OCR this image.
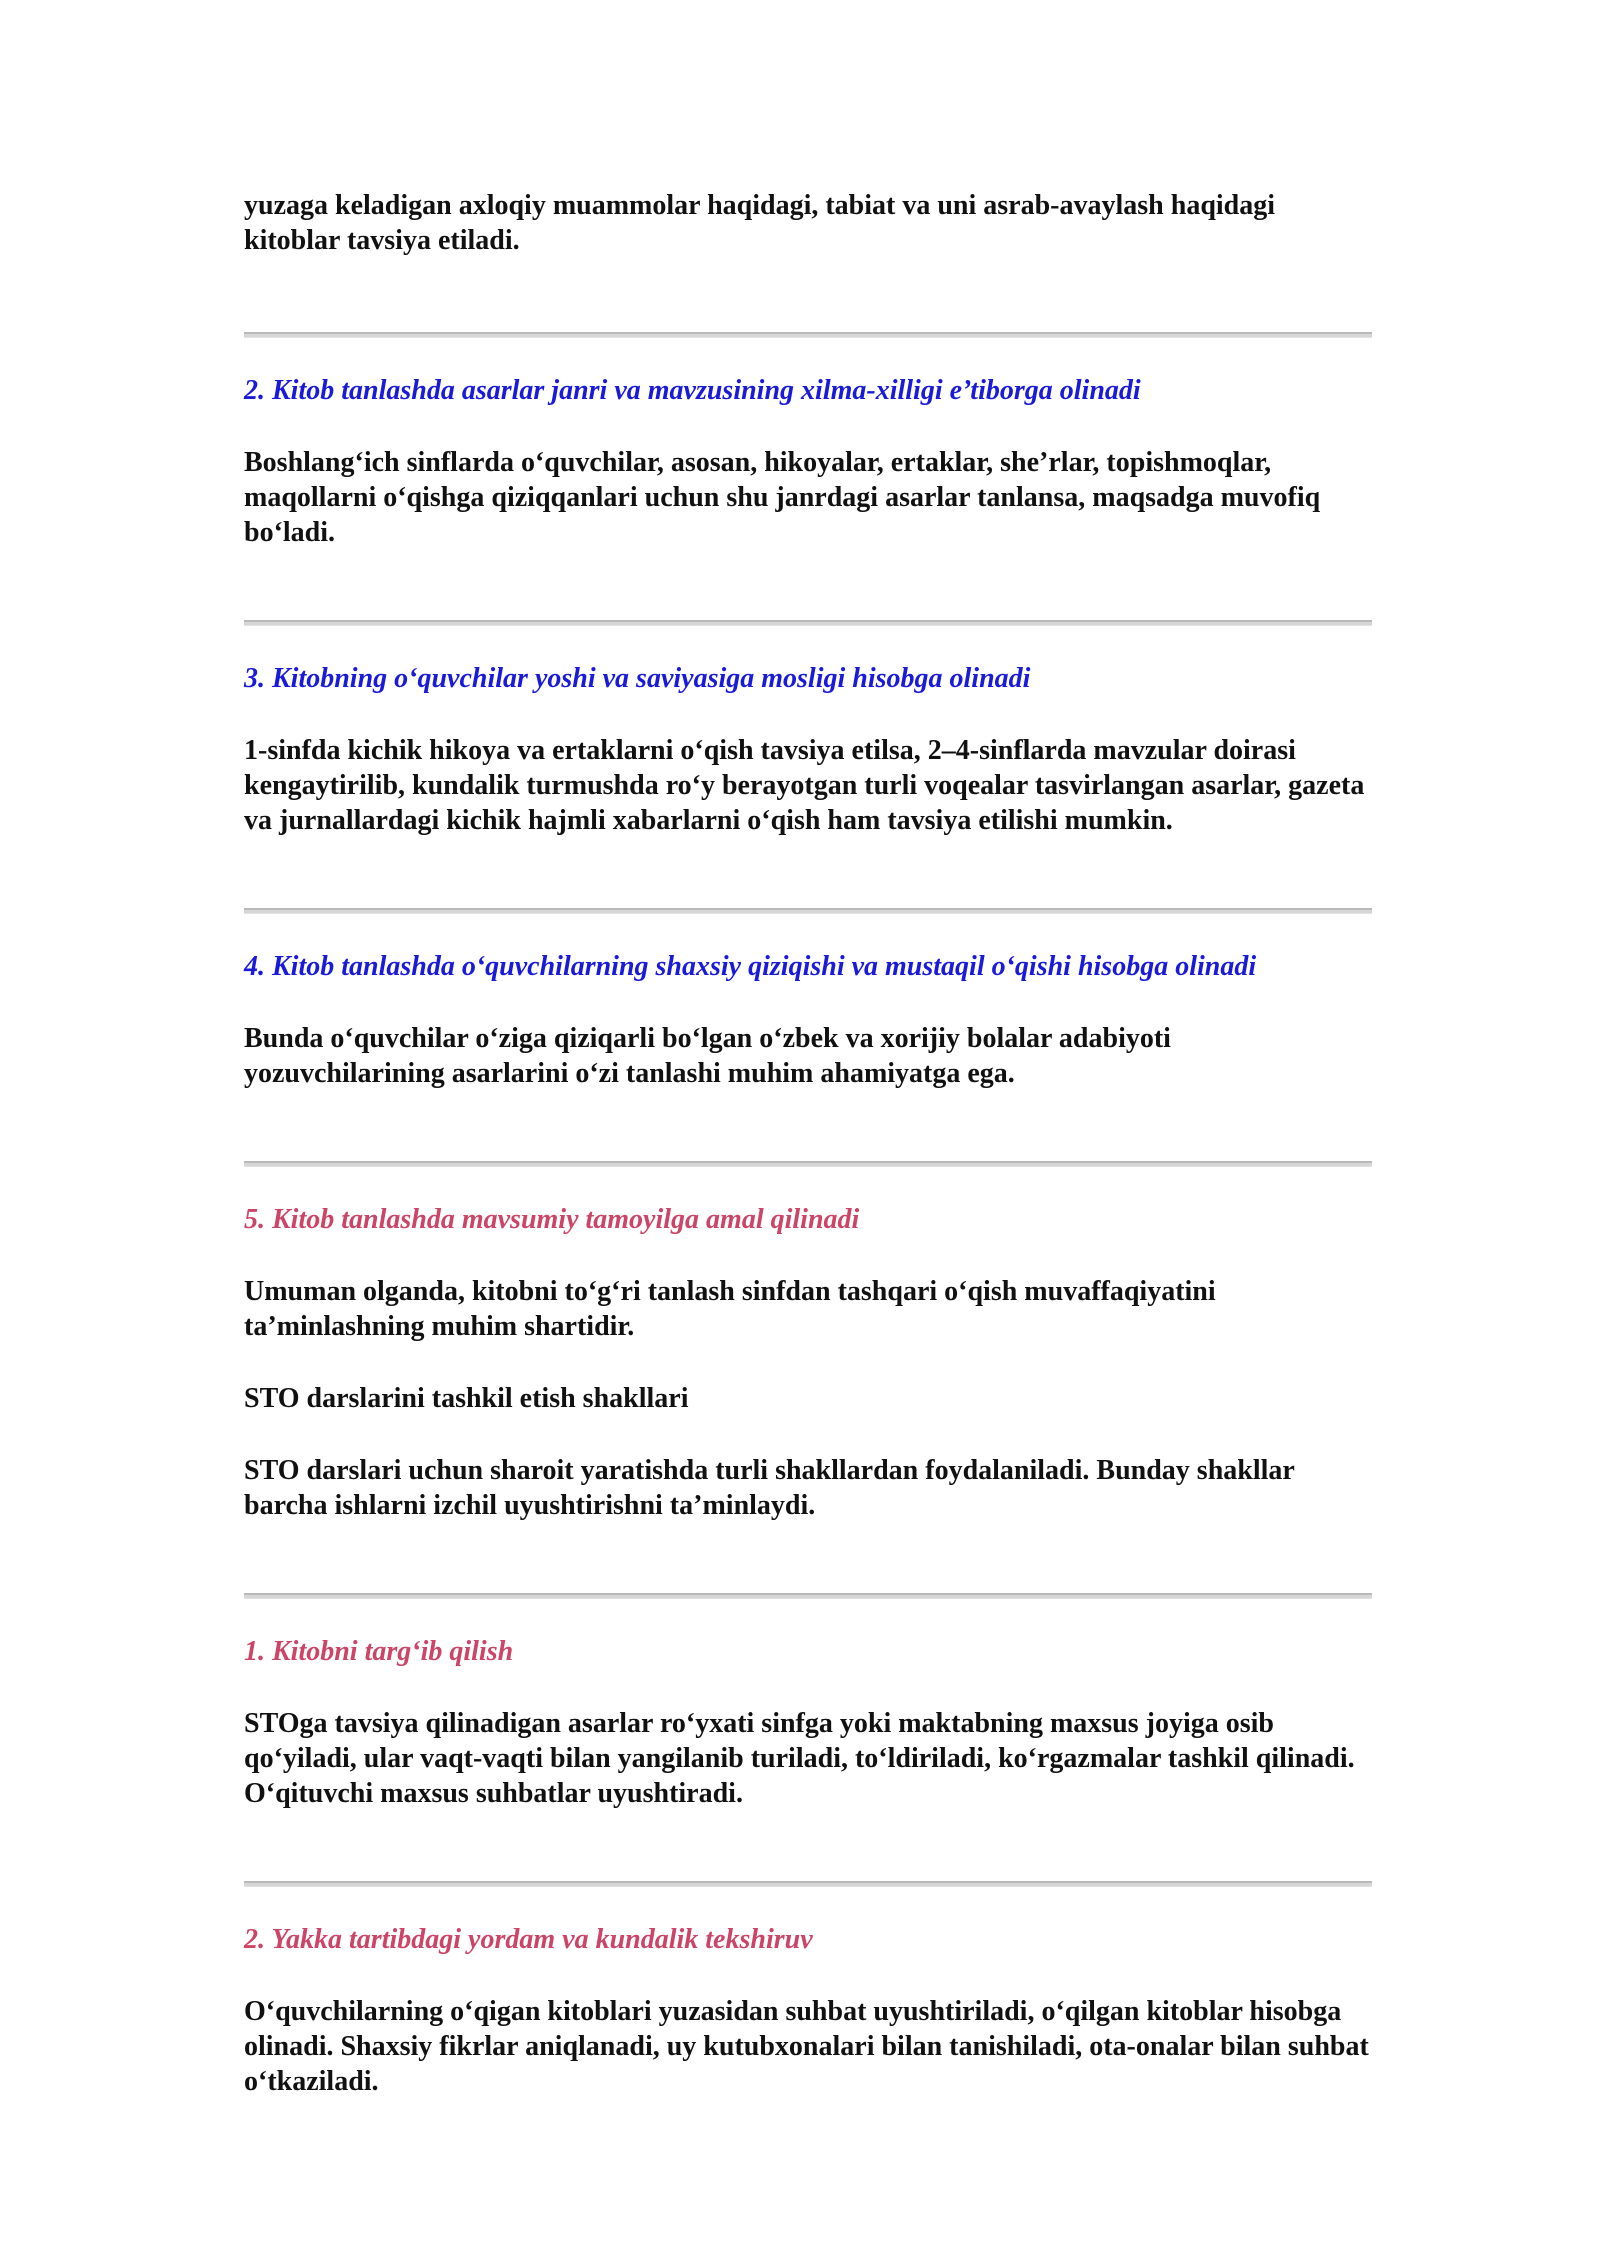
yuzaga keladigan axloqiy muammolar haqidagi, tabiat va uni asrab-avaylash haqidagi kitoblar tavsiya etiladi.

2. Kitob tanlashda asarlar janri va mavzusining xilma-xilligi e’tiborga olinadi

Boshlang‘ich sinflarda o‘quvchilar, asosan, hikoyalar, ertaklar, she’rlar, topishmoqlar, maqollarni o‘qishga qiziqqanlari uchun shu janrdagi asarlar tanlansa, maqsadga muvofiq bo‘ladi.

3. Kitobning o‘quvchilar yoshi va saviyasiga mosligi hisobga olinadi

1-sinfda kichik hikoya va ertaklarni o‘qish tavsiya etilsa, 2–4-sinflarda mavzular doirasi kengaytirilib, kundalik turmushda ro‘y berayotgan turli voqealar tasvirlangan asarlar, gazeta va jurnallardagi kichik hajmli xabarlarni o‘qish ham tavsiya etilishi mumkin.

4. Kitob tanlashda o‘quvchilarning shaxsiy qiziqishi va mustaqil o‘qishi hisobga olinadi

Bunda o‘quvchilar o‘ziga qiziqarli bo‘lgan o‘zbek va xorijiy bolalar adabiyoti yozuvchilarining asarlarini o‘zi tanlashi muhim ahamiyatga ega.

5. Kitob tanlashda mavsumiy tamoyilga amal qilinadi

Umuman olganda, kitobni to‘g‘ri tanlash sinfdan tashqari o‘qish muvaffaqiyatini ta’minlashning muhim shartidir.

STO darslarini tashkil etish shakllari

STO darslari uchun sharoit yaratishda turli shakllardan foydalaniladi. Bunday shakllar barcha ishlarni izchil uyushtirishni ta’minlaydi.

1. Kitobni targ‘ib qilish

STOga tavsiya qilinadigan asarlar ro‘yxati sinfga yoki maktabning maxsus joyiga osib qo‘yiladi, ular vaqt-vaqti bilan yangilanib turiladi, to‘ldiriladi, ko‘rgazmalar tashkil qilinadi. O‘qituvchi maxsus suhbatlar uyushtiradi.

2. Yakka tartibdagi yordam va kundalik tekshiruv

O‘quvchilarning o‘qigan kitoblari yuzasidan suhbat uyushtiriladi, o‘qilgan kitoblar hisobga olinadi. Shaxsiy fikrlar aniqlanadi, uy kutubxonalari bilan tanishiladi, ota-onalar bilan suhbat o‘tkaziladi.
